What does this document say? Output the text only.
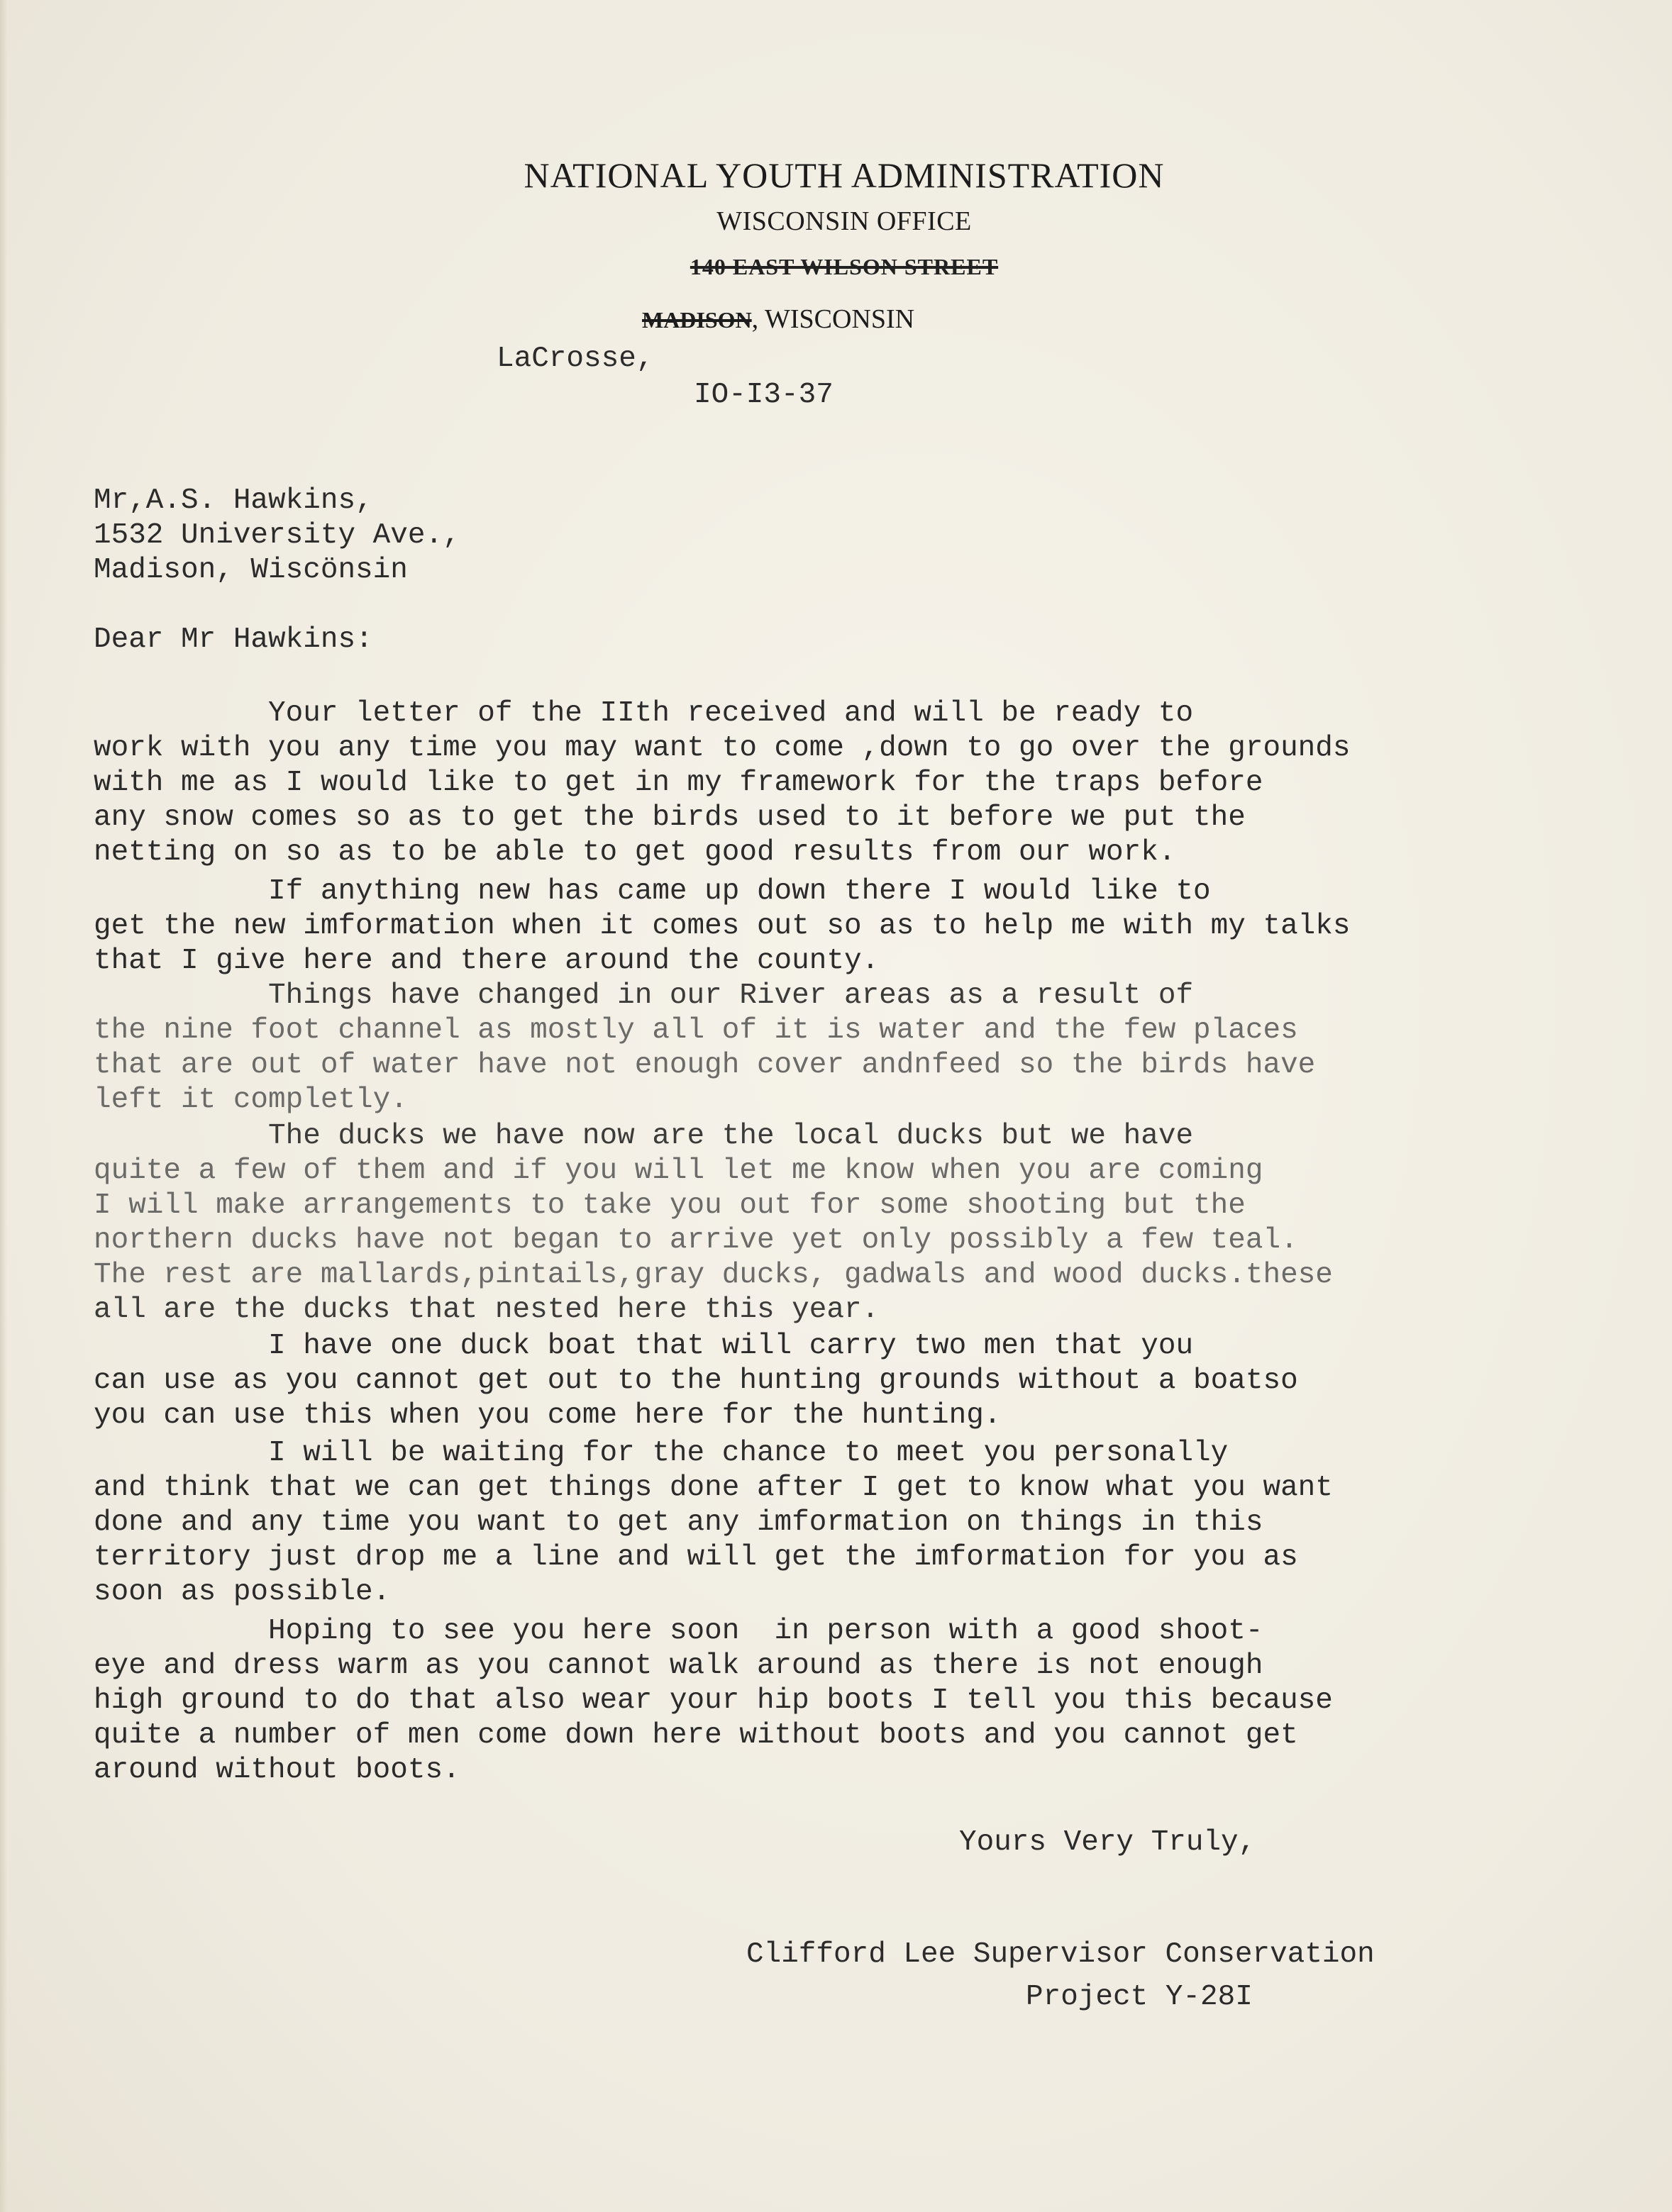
NATIONAL YOUTH ADMINISTRATION
WISCONSIN OFFICE
140 EAST WILSON STREET
MADISON, WISCONSIN
LaCrosse,
IO-I3-37
Mr,A.S. Hawkins,
1532 University Ave.,
Madison, Wiscönsin
Dear Mr Hawkins:
Your letter of the IIth received and will be ready to
work with you any time you may want to come ,down to go over the grounds
with me as I would like to get in my framework for the traps before
any snow comes so as to get the birds used to it before we put the
netting on so as to be able to get good results from our work.
If anything new has came up down there I would like to
get the new imformation when it comes out so as to help me with my talks
that I give here and there around the county.
Things have changed in our River areas as a result of
the nine foot channel as mostly all of it is water and the few places
that are out of water have not enough cover andnfeed so the birds have
left it completly.
The ducks we have now are the local ducks but we have
quite a few of them and if you will let me know when you are coming
I will make arrangements to take you out for some shooting but the
northern ducks have not began to arrive yet only possibly a few teal.
The rest are mallards,pintails,gray ducks, gadwals and wood ducks.these
all are the ducks that nested here this year.
I have one duck boat that will carry two men that you
can use as you cannot get out to the hunting grounds without a boatso
you can use this when you come here for the hunting.
I will be waiting for the chance to meet you personally
and think that we can get things done after I get to know what you want
done and any time you want to get any imformation on things in this
territory just drop me a line and will get the imformation for you as
soon as possible.
Hoping to see you here soon  in person with a good shoot-
eye and dress warm as you cannot walk around as there is not enough
high ground to do that also wear your hip boots I tell you this because
quite a number of men come down here without boots and you cannot get
around without boots.
Yours Very Truly,
Clifford Lee Supervisor Conservation
Project Y-28I
